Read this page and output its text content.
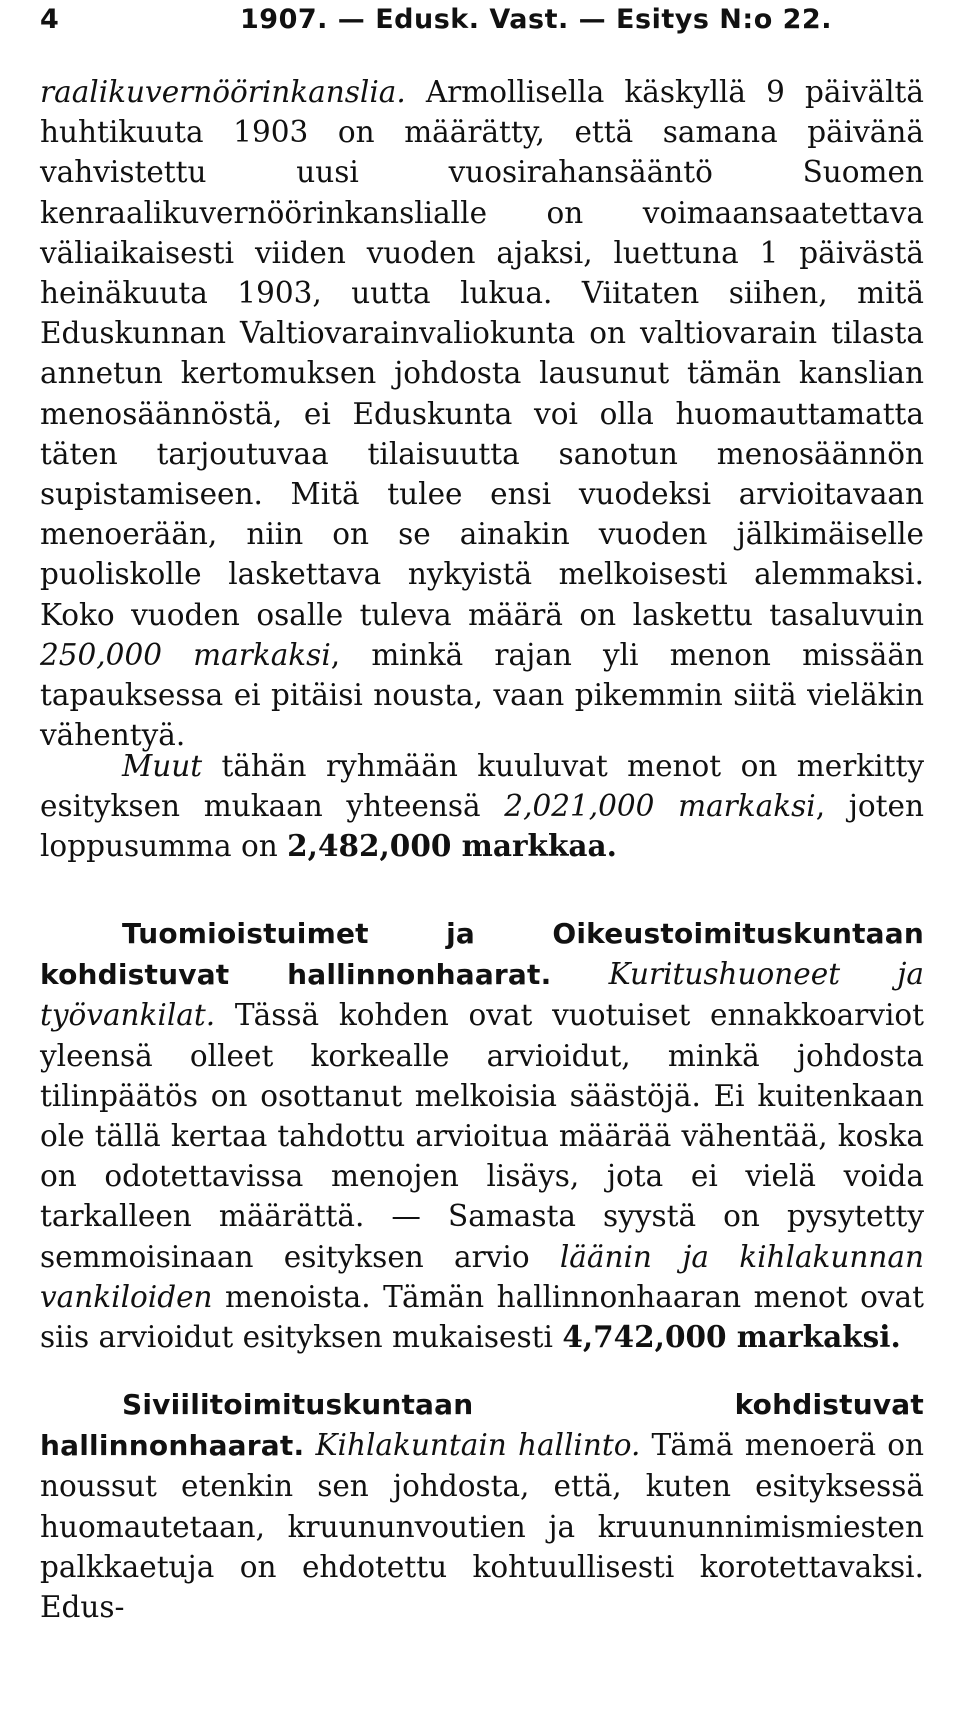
4	1907. — Edusk. Vast. — Esitys N:o 22.

raalikuvernöörinkanslia. Armollisella käskyllä 9 päivältä huhtikuuta 1903 on määrätty, että samana päivänä vahvistettu uusi vuosirahansääntö Suomen kenraalikuvernöörinkanslialle on voimaansaatettava väliaikaisesti viiden vuoden ajaksi, luettuna 1 päivästä heinäkuuta 1903, uutta lukua. Viitaten siihen, mitä Eduskunnan Valtiovarainvaliokunta on valtiovarain tilasta annetun kertomuksen johdosta lausunut tämän kanslian menosäännöstä, ei Eduskunta voi olla huomauttamatta täten tarjoutuvaa tilaisuutta sanotun menosäännön supistamiseen. Mitä tulee ensi vuodeksi arvioitavaan menoerään, niin on se ainakin vuoden jälkimäiselle puoliskolle laskettava nykyistä melkoisesti alemmaksi. Koko vuoden osalle tuleva määrä on laskettu tasaluvuin 250,000 markaksi, minkä rajan yli menon missään tapauksessa ei pitäisi nousta, vaan pikemmin siitä vieläkin vähentyä.

Muut tähän ryhmään kuuluvat menot on merkitty esityksen mukaan yhteensä 2,021,000 markaksi, joten loppusumma on 2,482,000 markkaa.

Tuomioistuimet ja Oikeustoimituskuntaan kohdistuvat hallinnonhaarat. Kuritushuoneet ja työvankilat. Tässä kohden ovat vuotuiset ennakkoarviot yleensä olleet korkealle arvioidut, minkä johdosta tilinpäätös on osottanut melkoisia säästöjä. Ei kuitenkaan ole tällä kertaa tahdottu arvioitua määrää vähentää, koska on odotettavissa menojen lisäys, jota ei vielä voida tarkalleen määrättä. — Samasta syystä on pysytetty semmoisinaan esityksen arvio läänin ja kihlakunnan vankiloiden menoista. Tämän hallinnonhaaran menot ovat siis arvioidut esityksen mukaisesti 4,742,000 markaksi.

Siviilitoimituskuntaan kohdistuvat hallinnonhaarat. Kihlakuntain hallinto. Tämä menoerä on noussut etenkin sen johdosta, että, kuten esityksessä huomautetaan, kruununvoutien ja kruununnimismiesten palkkaetuja on ehdotettu kohtuullisesti korotettavaksi. Edus-
